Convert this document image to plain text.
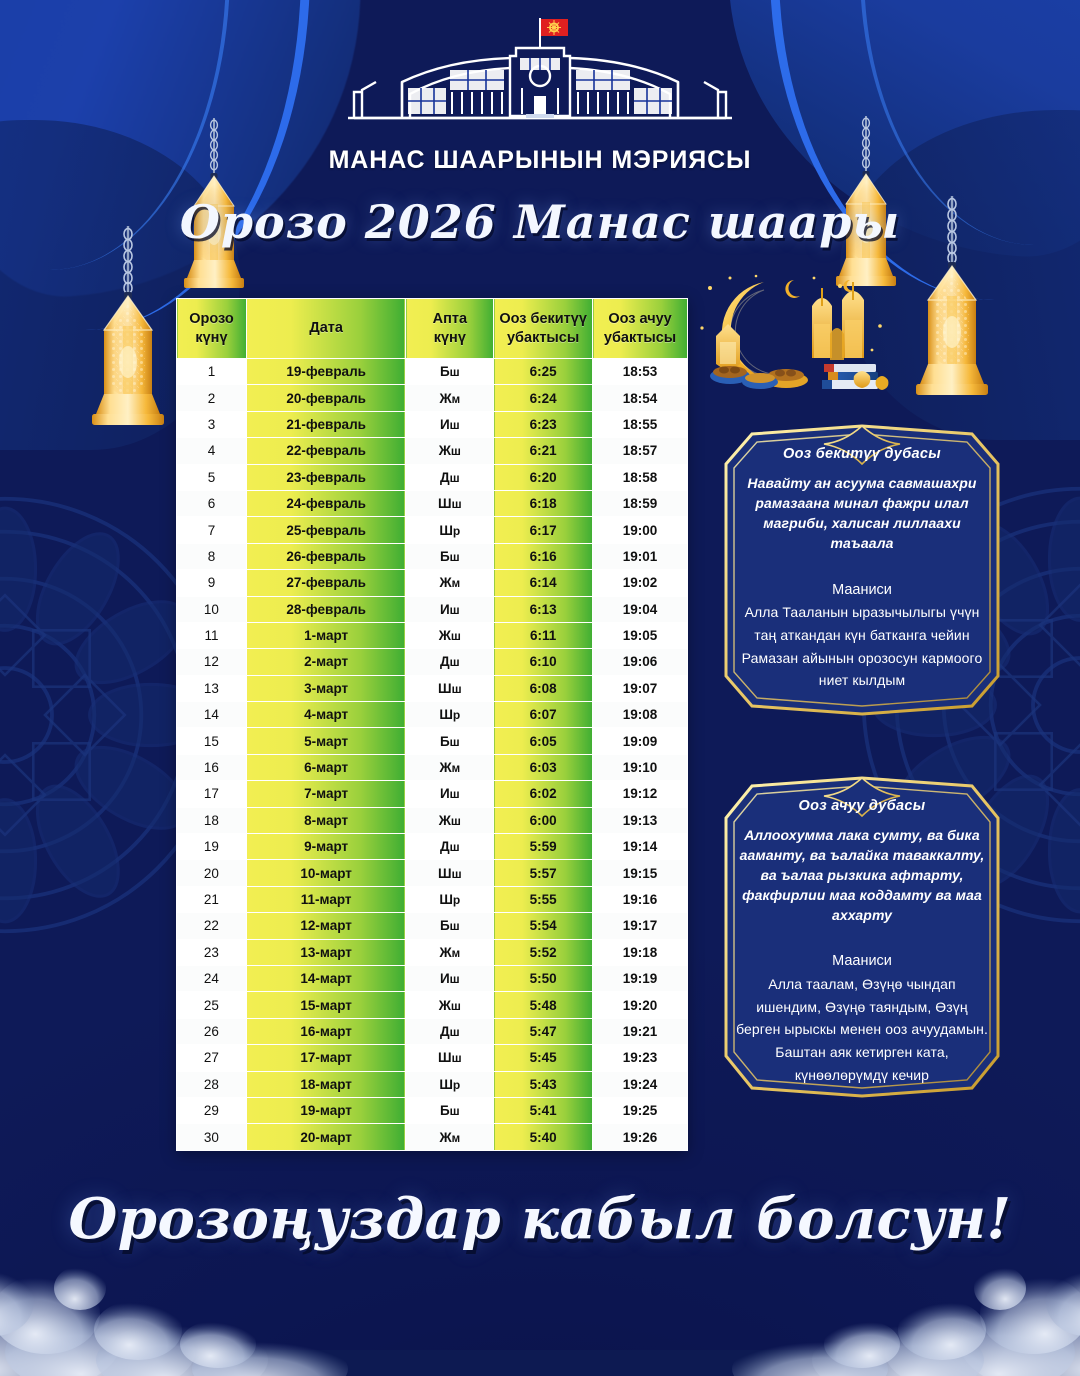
МАНАС ШААРЫНЫН МЭРИЯСЫ
Орозо 2026 Манас шаары
Орозо
күнү

Дата

Апта
күнү

Ооз бекитүү
убактысы

Ооз ачуу
убактысы

1	19-февраль	Бш	6:25	18:53
2	20-февраль	Жм	6:24	18:54
3	21-февраль	Иш	6:23	18:55
4	22-февраль	Жш	6:21	18:57
5	23-февраль	Дш	6:20	18:58
6	24-февраль	Шш	6:18	18:59
7	25-февраль	Шр	6:17	19:00
8	26-февраль	Бш	6:16	19:01
9	27-февраль	Жм	6:14	19:02
10	28-февраль	Иш	6:13	19:04
11	1-март	Жш	6:11	19:05
12	2-март	Дш	6:10	19:06
13	3-март	Шш	6:08	19:07
14	4-март	Шр	6:07	19:08
15	5-март	Бш	6:05	19:09
16	6-март	Жм	6:03	19:10
17	7-март	Иш	6:02	19:12
18	8-март	Жш	6:00	19:13
19	9-март	Дш	5:59	19:14
20	10-март	Шш	5:57	19:15
21	11-март	Шр	5:55	19:16
22	12-март	Бш	5:54	19:17
23	13-март	Жм	5:52	19:18
24	14-март	Иш	5:50	19:19
25	15-март	Жш	5:48	19:20
26	16-март	Дш	5:47	19:21
27	17-март	Шш	5:45	19:23
28	18-март	Шр	5:43	19:24
29	19-март	Бш	5:41	19:25
30	20-март	Жм	5:40	19:26
Ооз бекитүү дубасы
Навайту ан асуума савмашахри рамазаана минал фажри илал магриби, халисан лиллаахи таъаала
Мааниси
Алла Тааланын ыразычылыгы үчүн таң аткандан күн батканга чейин Рамазан айынын орозосун кармоого ниет кылдым
Ооз ачуу дубасы
Аллоохумма лака сумту, ва бика ааманту, ва ъалайка таваккалту, ва ъалаа рызкика афтарту, факфирлии маа коддамту ва маа аххарту
Мааниси
Алла таалам, Өзүңө чындап ишендим, Өзүңө таяндым, Өзүң берген ырыскы менен ооз ачуудамын. Баштан аяк кетирген ката, күнөөлөрүмдү кечир
Орозоңуздар кабыл болсун!
